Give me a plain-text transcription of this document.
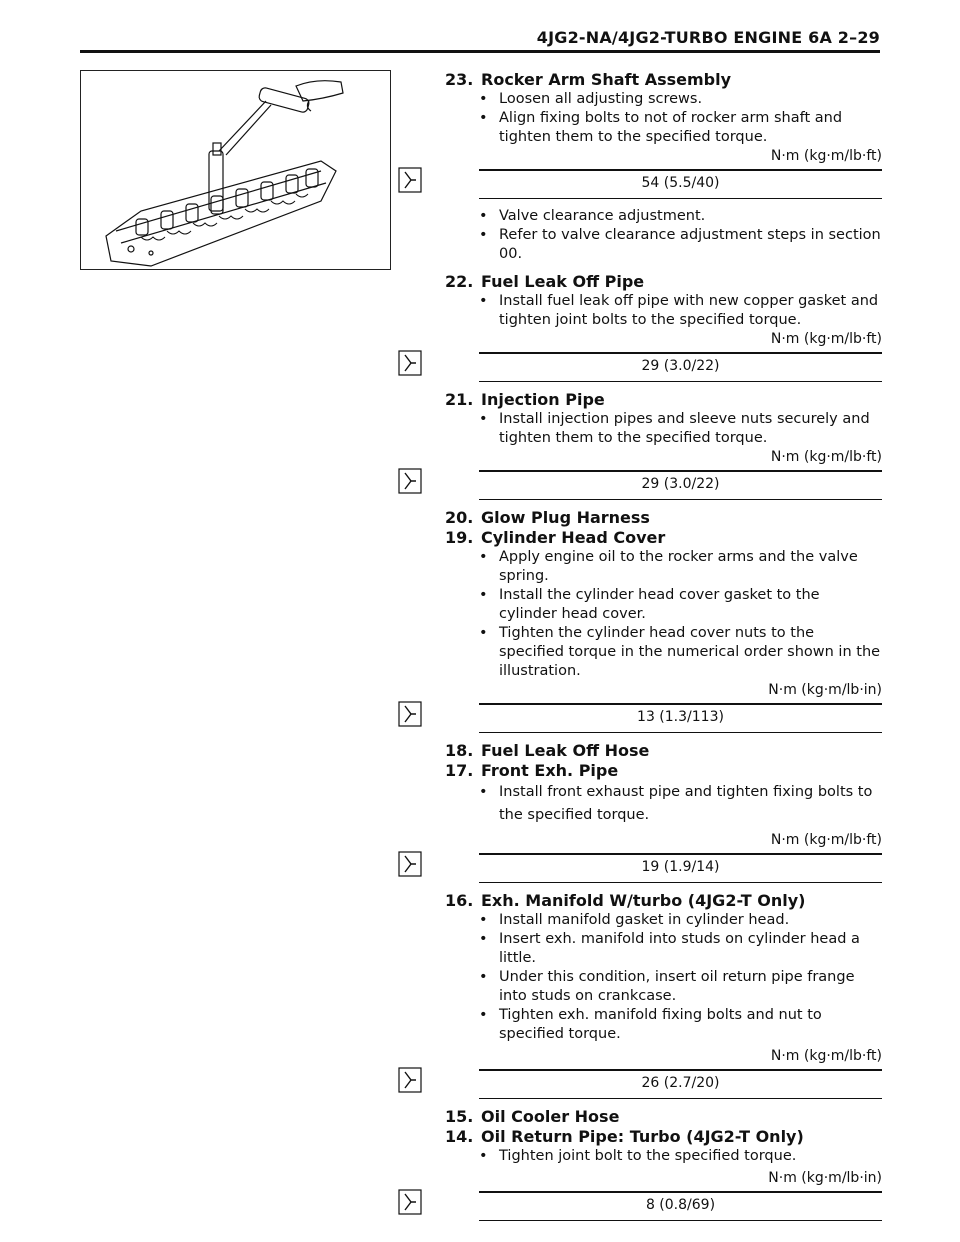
4JG2-NA/4JG2-TURBO ENGINE 6A 2–29
23. Rocker Arm Shaft Assembly
• Loosen all adjusting screws.
• Align fixing bolts to not of rocker arm shaft and tighten them to the specified torque.
N·m (kg·m/lb·ft)
54 (5.5/40)
• Valve clearance adjustment.
• Refer to valve clearance adjustment steps in section 00.
22. Fuel Leak Off Pipe
• Install fuel leak off pipe with new copper gasket and tighten joint bolts to the specified torque.
N·m (kg·m/lb·ft)
29 (3.0/22)
21. Injection Pipe
• Install injection pipes and sleeve nuts securely and tighten them to the specified torque.
N·m (kg·m/lb·ft)
29 (3.0/22)
20. Glow Plug Harness
19. Cylinder Head Cover
• Apply engine oil to the rocker arms and the valve spring.
• Install the cylinder head cover gasket to the cylinder head cover.
• Tighten the cylinder head cover nuts to the specified torque in the numerical order shown in the illustration.
N·m (kg·m/lb·in)
13 (1.3/113)
18. Fuel Leak Off Hose
17. Front Exh. Pipe
• Install front exhaust pipe and tighten fixing bolts to the specified torque.
N·m (kg·m/lb·ft)
19 (1.9/14)
16. Exh. Manifold W/turbo (4JG2-T Only)
• Install manifold gasket in cylinder head.
• Insert exh. manifold into studs on cylinder head a little.
• Under this condition, insert oil return pipe frange into studs on crankcase.
• Tighten exh. manifold fixing bolts and nut to specified torque.
N·m (kg·m/lb·ft)
26 (2.7/20)
15. Oil Cooler Hose
14. Oil Return Pipe: Turbo (4JG2-T Only)
• Tighten joint bolt to the specified torque.
N·m (kg·m/lb·in)
8 (0.8/69)
